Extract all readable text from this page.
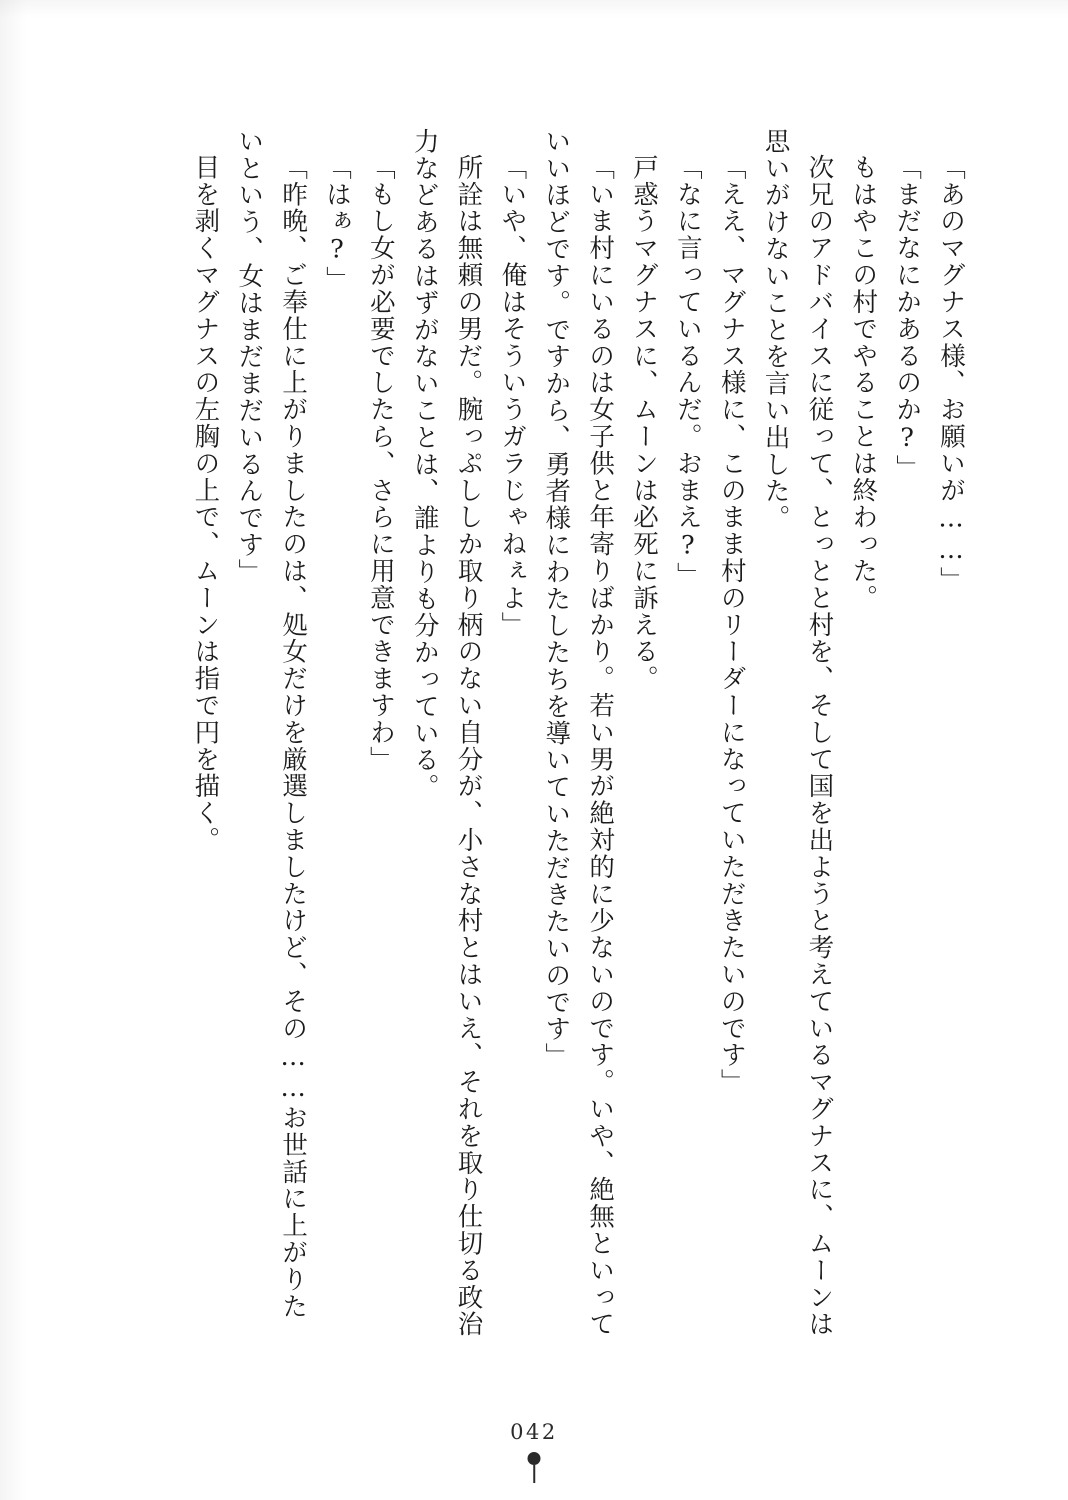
「あのマグナス様、お願いが……」
「まだなにかあるのか?」
もはやこの村でやることは終わった。
次兄のアドバイスに従って、とっとと村を、そして国を出ようと考えているマグナスに、ムーンは思いがけないことを言い出した。
「ええ、マグナス様に、このまま村のリーダーになっていただきたいのです」
「なに言っているんだ。おまえ?」
戸惑うマグナスに、ムーンは必死に訴える。
「いま村にいるのは女子供と年寄りばかり。若い男が絶対的に少ないのです。いや、絶無といっていいほどです。ですから、勇者様にわたしたちを導いていただきたいのです」
「いや、俺はそういうガラじゃねぇよ」
所詮は無頼の男だ。腕っぷししか取り柄のない自分が、小さな村とはいえ、それを取り仕切る政治力などあるはずがないことは、誰よりも分かっている。
「もし女が必要でしたら、さらに用意できますわ」
「はぁ?」
「昨晩、ご奉仕に上がりましたのは、処女だけを厳選しましたけど、その……お世話に上がりたいという、女はまだまだいるんです」
目を剥くマグナスの左胸の上で、ムーンは指で円を描く。
042
